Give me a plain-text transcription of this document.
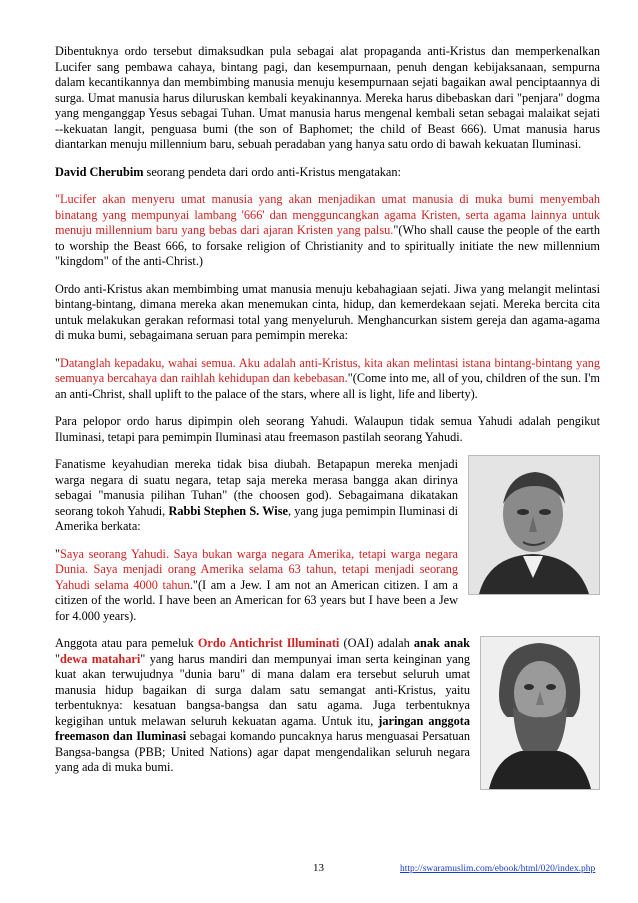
Dibentuknya ordo tersebut dimaksudkan pula sebagai alat propaganda anti-Kristus dan memperkenalkan Lucifer sang pembawa cahaya, bintang pagi, dan kesempurnaan, penuh dengan kebijaksanaan, sempurna dalam kecantikannya dan membimbing manusia menuju kesempurnaan sejati bagaikan awal penciptaannya di surga. Umat manusia harus diluruskan kembali keyakinannya. Mereka harus dibebaskan dari "penjara" dogma yang menganggap Yesus sebagai Tuhan. Umat manusia harus mengenal kembali setan sebagai malaikat sejati --kekuatan langit, penguasa bumi (the son of Baphomet; the child of Beast 666). Umat manusia harus diantarkan menuju millennium baru, sebuah peradaban yang hanya satu ordo di bawah kekuatan Iluminasi.

David Cherubim seorang pendeta dari ordo anti-Kristus mengatakan:

"Lucifer akan menyeru umat manusia yang akan menjadikan umat manusia di muka bumi menyembah binatang yang mempunyai lambang '666' dan mengguncangkan agama Kristen, serta agama lainnya untuk menuju millennium baru yang bebas dari ajaran Kristen yang palsu."(Who shall cause the people of the earth to worship the Beast 666, to forsake religion of Christianity and to spiritually initiate the new millennium "kingdom" of the anti-Christ.)

Ordo anti-Kristus akan membimbing umat manusia menuju kebahagiaan sejati. Jiwa yang melangit melintasi bintang-bintang, dimana mereka akan menemukan cinta, hidup, dan kemerdekaan sejati. Mereka bercita cita untuk melakukan gerakan reformasi total yang menyeluruh. Menghancurkan sistem gereja dan agama-agama di muka bumi, sebagaimana seruan para pemimpin mereka:

"Datanglah kepadaku, wahai semua. Aku adalah anti-Kristus, kita akan melintasi istana bintang-bintang yang semuanya bercahaya dan raihlah kehidupan dan kebebasan."(Come into me, all of you, children of the sun. I'm an anti-Christ, shall uplift to the palace of the stars, where all is light, life and liberty).

Para pelopor ordo harus dipimpin oleh seorang Yahudi. Walaupun tidak semua Yahudi adalah pengikut Iluminasi, tetapi para pemimpin Iluminasi atau freemason pastilah seorang Yahudi.

Fanatisme keyahudian mereka tidak bisa diubah. Betapapun mereka menjadi warga negara di suatu negara, tetap saja mereka merasa bangga akan dirinya sebagai "manusia pilihan Tuhan" (the choosen god). Sebagaimana dikatakan seorang tokoh Yahudi, Rabbi Stephen S. Wise, yang juga pemimpin Iluminasi di Amerika berkata:

"Saya seorang Yahudi. Saya bukan warga negara Amerika, tetapi warga negara Dunia. Saya menjadi orang Amerika selama 63 tahun, tetapi menjadi seorang Yahudi selama 4000 tahun."(I am a Jew. I am not an American citizen. I am a citizen of the world. I have been an American for 63 years but I have been a Jew for 4.000 years).

Anggota atau para pemeluk Ordo Antichrist Illuminati (OAI) adalah anak anak "dewa matahari" yang harus mandiri dan mempunyai iman serta keinginan yang kuat akan terwujudnya "dunia baru" di mana dalam era tersebut seluruh umat manusia hidup bagaikan di surga dalam satu semangat anti-Kristus, yaitu terbentuknya: kesatuan bangsa-bangsa dan satu agama. Juga terbentuknya kegigihan untuk melawan seluruh kekuatan agama. Untuk itu, jaringan anggota freemason dan Iluminasi sebagai komando puncaknya harus menguasai Persatuan Bangsa-bangsa (PBB; United Nations) agar dapat mengendalikan seluruh negara yang ada di muka bumi.

13	http://swaramuslim.com/ebook/html/020/index.php
